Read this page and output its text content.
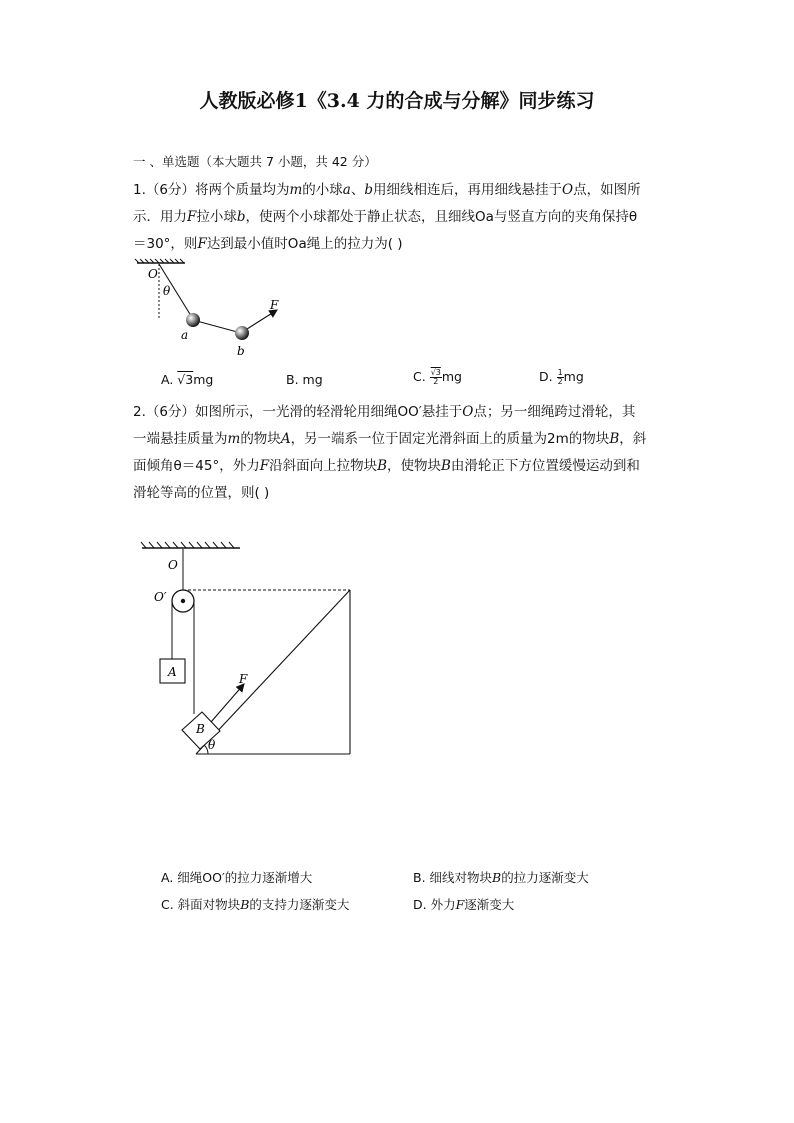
人教版必修1《3.4 力的合成与分解》同步练习
一 、单选题（本大题共 7 小题，共 42 分）
1.（6分）将两个质量均为m的小球a、b用细线相连后，再用细线悬挂于O点，如图所
示．用力F拉小球b，使两个小球都处于静止状态，且细线Oa与竖直方向的夹角保持θ
＝30°，则F达到最小值时Oa绳上的拉力为( )
O
θ
F
a
b
A. √3mg	B. mg	C. $\frac{√3}{2}$ mg	D. $\frac{1}{2}$ mg
2.（6分）如图所示，一光滑的轻滑轮用细绳OO′悬挂于O点；另一细绳跨过滑轮，其
一端悬挂质量为m的物块A，另一端系一位于固定光滑斜面上的质量为2m的物块B，斜
面倾角θ＝45°，外力F沿斜面向上拉物块B，使物块B由滑轮正下方位置缓慢运动到和
滑轮等高的位置，则( )
O
O′
A
B
F
θ
A. 细绳OO′的拉力逐渐增大	B. 细线对物块B的拉力逐渐变大
C. 斜面对物块B的支持力逐渐变大	D. 外力F逐渐变大
